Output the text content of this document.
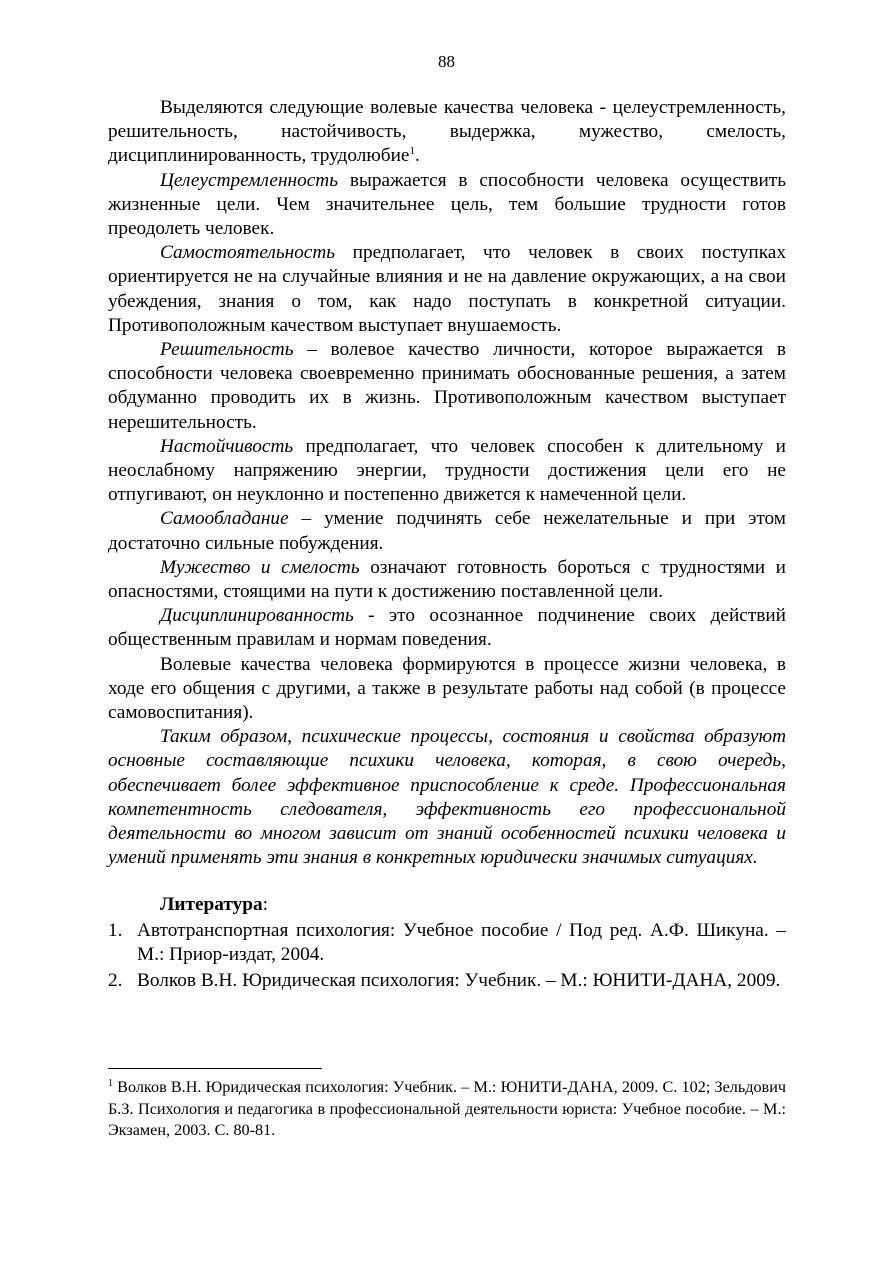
88

Выделяются следующие волевые качества человека - целеустремленность, решительность, настойчивость, выдержка, мужество, смелость, дисциплинированность, трудолюбие$^1$.

Целеустремленность выражается в способности человека осуществить жизненные цели. Чем значительнее цель, тем большие трудности готов преодолеть человек.

Самостоятельность предполагает, что человек в своих поступках ориентируется не на случайные влияния и не на давление окружающих, а на свои убеждения, знания о том, как надо поступать в конкретной ситуации. Противоположным качеством выступает внушаемость.

Решительность – волевое качество личности, которое выражается в способности человека своевременно принимать обоснованные решения, а затем обдуманно проводить их в жизнь. Противоположным качеством выступает нерешительность.

Настойчивость предполагает, что человек способен к длительному и неослабному напряжению энергии, трудности достижения цели его не отпугивают, он неуклонно и постепенно движется к намеченной цели.

Самообладание – умение подчинять себе нежелательные и при этом достаточно сильные побуждения.

Мужество и смелость означают готовность бороться с трудностями и опасностями, стоящими на пути к достижению поставленной цели.

Дисциплинированность - это осознанное подчинение своих действий общественным правилам и нормам поведения.

Волевые качества человека формируются в процессе жизни человека, в ходе его общения с другими, а также в результате работы над собой (в процессе самовоспитания).

Таким образом, психические процессы, состояния и свойства образуют основные составляющие психики человека, которая, в свою очередь, обеспечивает более эффективное приспособление к среде. Профессиональная компетентность следователя, эффективность его профессиональной деятельности во многом зависит от знаний особенностей психики человека и умений применять эти знания в конкретных юридически значимых ситуациях.

Литература:
1. Автотранспортная психология: Учебное пособие / Под ред. А.Ф. Шикуна. – М.: Приор-издат, 2004.
2. Волков В.Н. Юридическая психология: Учебник. – М.: ЮНИТИ-ДАНА, 2009.

$^1$ Волков В.Н. Юридическая психология: Учебник. – М.: ЮНИТИ-ДАНА, 2009. С. 102; Зельдович Б.З. Психология и педагогика в профессиональной деятельности юриста: Учебное пособие. – М.: Экзамен, 2003. С. 80-81.
